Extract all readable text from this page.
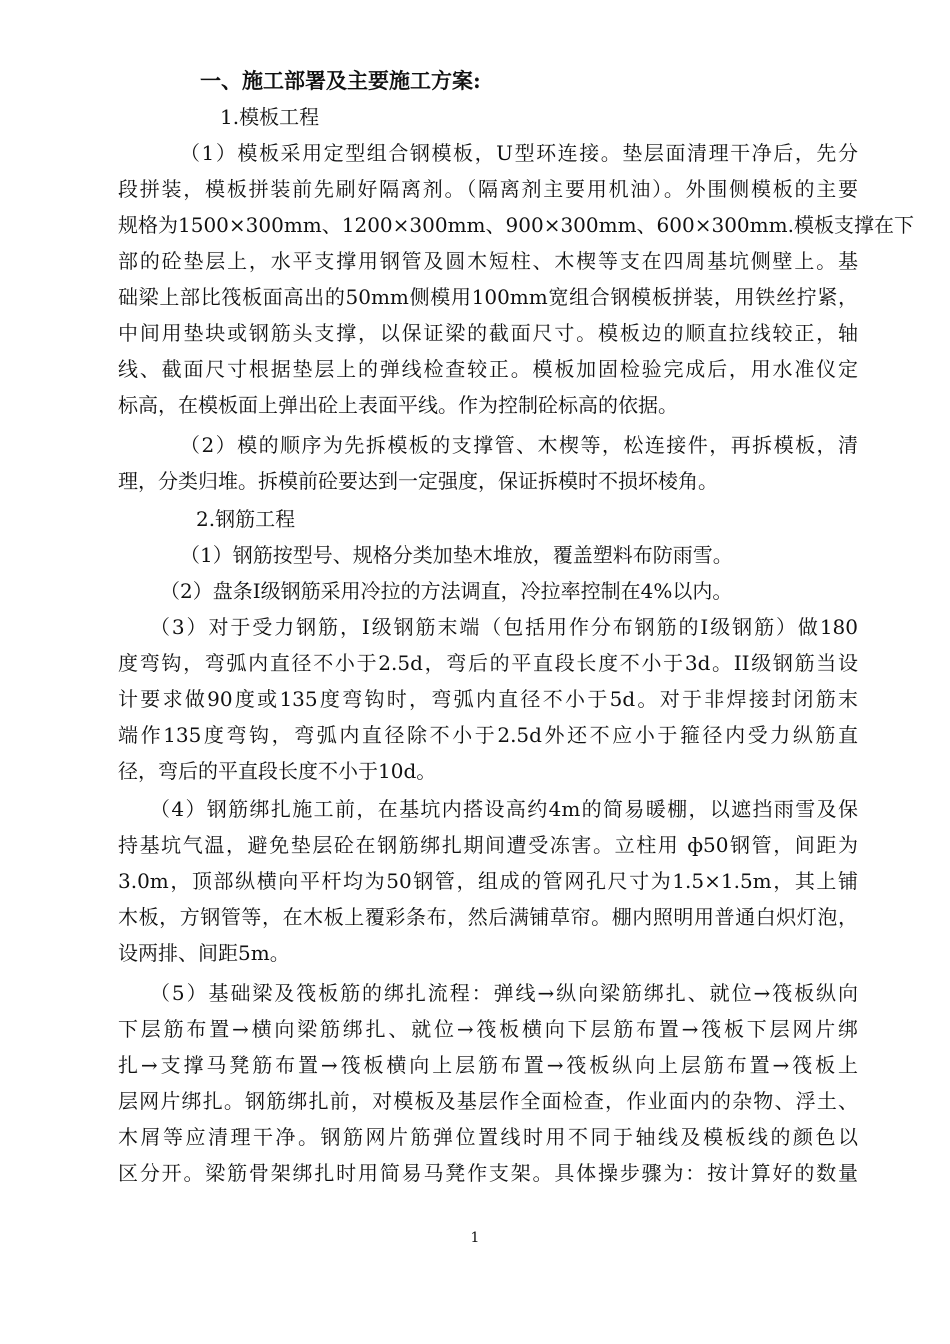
一、施工部署及主要施工方案:
1.模板工程
（1）模板采用定型组合钢模板，U型环连接。垫层面清理干净后，先分
段拼装，模板拼装前先刷好隔离剂。（隔离剂主要用机油）。外围侧模板的主要
规格为1500×300mm、1200×300mm、900×300mm、600×300mm.模板支撑在下
部的砼垫层上，水平支撑用钢管及圆木短柱、木楔等支在四周基坑侧壁上。基
础梁上部比筏板面高出的50mm侧模用100mm宽组合钢模板拼装，用铁丝拧紧，
中间用垫块或钢筋头支撑，以保证梁的截面尺寸。模板边的顺直拉线较正，轴
线、截面尺寸根据垫层上的弹线检查较正。模板加固检验完成后，用水准仪定
标高，在模板面上弹出砼上表面平线。作为控制砼标高的依据。
（2）模的顺序为先拆模板的支撑管、木楔等，松连接件，再拆模板，清
理，分类归堆。拆模前砼要达到一定强度，保证拆模时不损坏棱角。
2.钢筋工程
（1）钢筋按型号、规格分类加垫木堆放，覆盖塑料布防雨雪。
（2）盘条I级钢筋采用冷拉的方法调直，冷拉率控制在4%以内。
（3）对于受力钢筋，I级钢筋末端（包括用作分布钢筋的I级钢筋）做180
度弯钩，弯弧内直径不小于2.5d，弯后的平直段长度不小于3d。II级钢筋当设
计要求做90度或135度弯钩时，弯弧内直径不小于5d。对于非焊接封闭筋末
端作135度弯钩，弯弧内直径除不小于2.5d外还不应小于箍径内受力纵筋直
径，弯后的平直段长度不小于10d。
（4）钢筋绑扎施工前，在基坑内搭设高约4m的简易暖棚，以遮挡雨雪及保
持基坑气温，避免垫层砼在钢筋绑扎期间遭受冻害。立柱用 ф50钢管，间距为
3.0m，顶部纵横向平杆均为50钢管，组成的管网孔尺寸为1.5×1.5m，其上铺
木板，方钢管等，在木板上覆彩条布，然后满铺草帘。棚内照明用普通白炽灯泡，
设两排、间距5m。
（5）基础梁及筏板筋的绑扎流程：弹线→纵向梁筋绑扎、就位→筏板纵向
下层筋布置→横向梁筋绑扎、就位→筏板横向下层筋布置→筏板下层网片绑
扎→支撑马凳筋布置→筏板横向上层筋布置→筏板纵向上层筋布置→筏板上
层网片绑扎。钢筋绑扎前，对模板及基层作全面检查，作业面内的杂物、浮土、
木屑等应清理干净。钢筋网片筋弹位置线时用不同于轴线及模板线的颜色以
区分开。梁筋骨架绑扎时用简易马凳作支架。具体操步骤为：按计算好的数量
1
